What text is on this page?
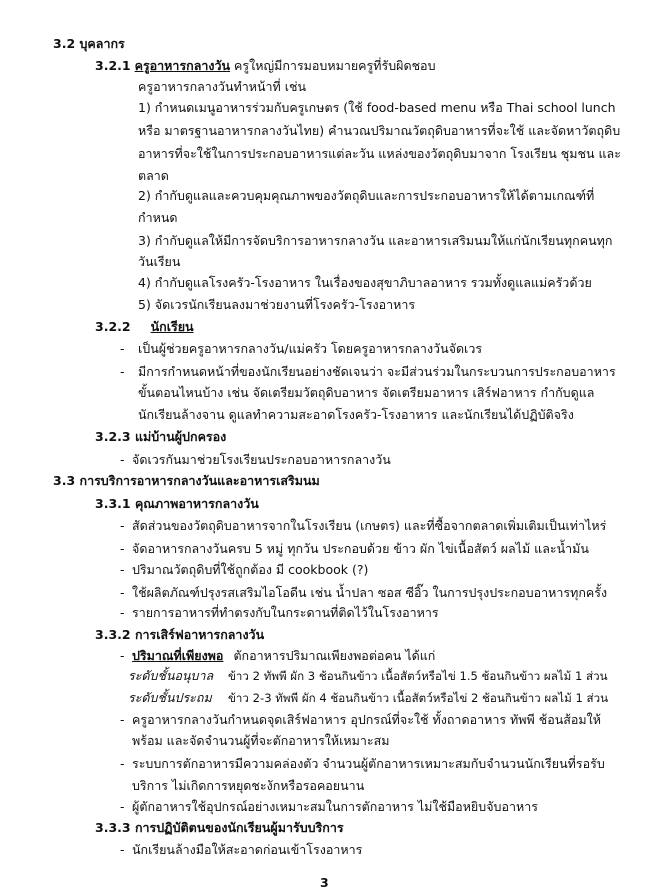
3.2 บุคลากร
3.2.1 ครูอาหารกลางวัน ครูใหญ่มีการมอบหมายครูที่รับผิดชอบ
ครูอาหารกลางวันทำหน้าที่ เช่น
1) กำหนดเมนูอาหารร่วมกับครูเกษตร (ใช้ food-based menu หรือ Thai school lunch
หรือ มาตรฐานอาหารกลางวันไทย) คำนวณปริมาณวัตถุดิบอาหารที่จะใช้ และจัดหาวัตถุดิบ
อาหารที่จะใช้ในการประกอบอาหารแต่ละวัน แหล่งของวัตถุดิบมาจาก โรงเรียน ชุมชน และ
ตลาด
2) กำกับดูแลและควบคุมคุณภาพของวัตถุดิบและการประกอบอาหารให้ได้ตามเกณฑ์ที่
กำหนด
3) กำกับดูแลให้มีการจัดบริการอาหารกลางวัน และอาหารเสริมนมให้แก่นักเรียนทุกคนทุก
วันเรียน
4) กำกับดูแลโรงครัว-โรงอาหาร ในเรื่องของสุขาภิบาลอาหาร รวมทั้งดูแลแม่ครัวด้วย
5) จัดเวรนักเรียนลงมาช่วยงานที่โรงครัว-โรงอาหาร
3.2.2 นักเรียน
- เป็นผู้ช่วยครูอาหารกลางวัน/แม่ครัว โดยครูอาหารกลางวันจัดเวร
- มีการกำหนดหน้าที่ของนักเรียนอย่างชัดเจนว่า จะมีส่วนร่วมในกระบวนการประกอบอาหาร
ขั้นตอนไหนบ้าง เช่น จัดเตรียมวัตถุดิบอาหาร จัดเตรียมอาหาร เสิร์ฟอาหาร กำกับดูแล
นักเรียนล้างจาน ดูแลทำความสะอาดโรงครัว-โรงอาหาร และนักเรียนได้ปฏิบัติจริง
3.2.3 แม่บ้านผู้ปกครอง
- จัดเวรกันมาช่วยโรงเรียนประกอบอาหารกลางวัน
3.3 การบริการอาหารกลางวันและอาหารเสริมนม
3.3.1 คุณภาพอาหารกลางวัน
- สัดส่วนของวัตถุดิบอาหารจากในโรงเรียน (เกษตร) และที่ซื้อจากตลาดเพิ่มเติมเป็นเท่าไหร่
- จัดอาหารกลางวันครบ 5 หมู่ ทุกวัน ประกอบด้วย ข้าว ผัก ไข่เนื้อสัตว์ ผลไม้ และน้ำมัน
- ปริมาณวัตถุดิบที่ใช้ถูกต้อง มี cookbook (?)
- ใช้ผลิตภัณฑ์ปรุงรสเสริมไอโอดีน เช่น น้ำปลา ซอส ซีอิ๊ว ในการปรุงประกอบอาหารทุกครั้ง
- รายการอาหารที่ทำตรงกับในกระดานที่ติดไว้ในโรงอาหาร
3.3.2 การเสิร์ฟอาหารกลางวัน
- ปริมาณที่เพียงพอ ตักอาหารปริมาณเพียงพอต่อคน ได้แก่
ระดับชั้นอนุบาล ข้าว 2 ทัพพี ผัก 3 ช้อนกินข้าว เนื้อสัตว์หรือไข่ 1.5 ช้อนกินข้าว ผลไม้ 1 ส่วน
ระดับชั้นประถม ข้าว 2-3 ทัพพี ผัก 4 ช้อนกินข้าว เนื้อสัตว์หรือไข่ 2 ช้อนกินข้าว ผลไม้ 1 ส่วน
- ครูอาหารกลางวันกำหนดจุดเสิร์ฟอาหาร อุปกรณ์ที่จะใช้ ทั้งถาดอาหาร ทัพพี ช้อนส้อมให้
พร้อม และจัดจำนวนผู้ที่จะตักอาหารให้เหมาะสม
- ระบบการตักอาหารมีความคล่องตัว จำนวนผู้ตักอาหารเหมาะสมกับจำนวนนักเรียนที่รอรับ
บริการ ไม่เกิดการหยุดชะงักหรือรอคอยนาน
- ผู้ตักอาหารใช้อุปกรณ์อย่างเหมาะสมในการตักอาหาร ไม่ใช้มือหยิบจับอาหาร
3.3.3 การปฏิบัติตนของนักเรียนผู้มารับบริการ
- นักเรียนล้างมือให้สะอาดก่อนเข้าโรงอาหาร
3
